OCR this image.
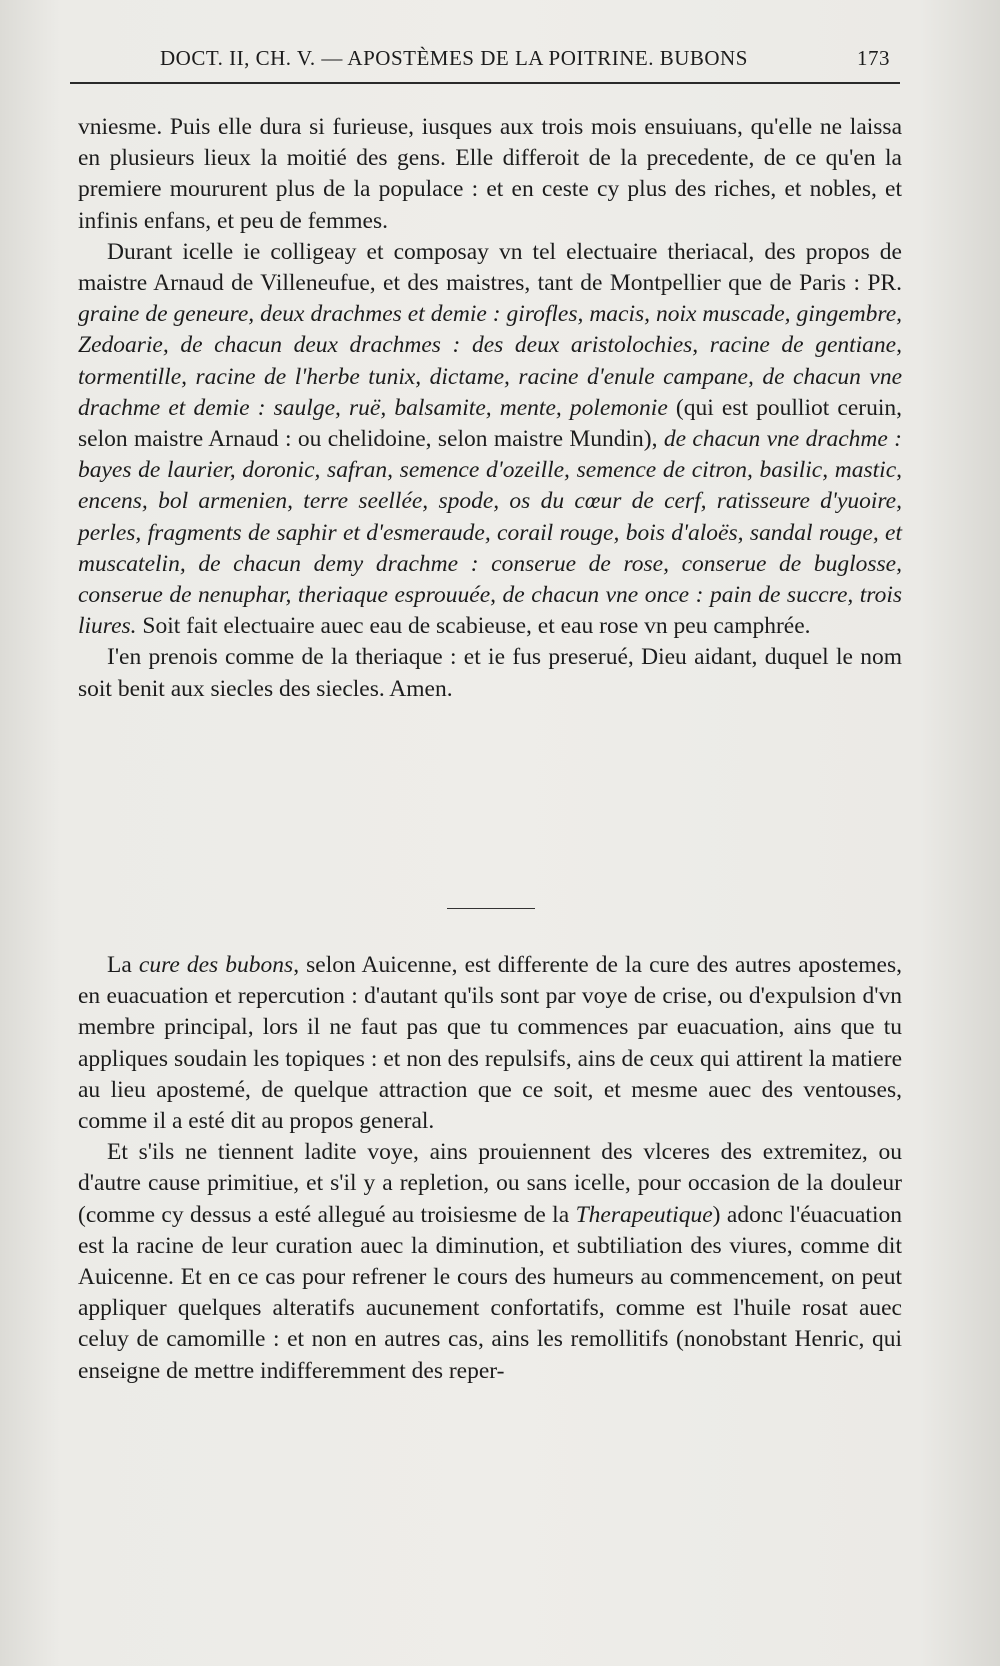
DOCT. II, CH. V. — APOSTÈMES DE LA POITRINE. BUBONS	173

vniesme. Puis elle dura si furieuse, iusques aux trois mois ensuiuans, qu'elle ne laissa en plusieurs lieux la moitié des gens. Elle differoit de la precedente, de ce qu'en la premiere moururent plus de la populace : et en ceste cy plus des riches, et nobles, et infinis enfans, et peu de femmes.

Durant icelle ie colligeay et composay vn tel electuaire theriacal, des propos de maistre Arnaud de Villeneufue, et des maistres, tant de Montpellier que de Paris : PR. graine de geneure, deux drachmes et demie : girofles, macis, noix muscade, gingembre, Zedoarie, de chacun deux drachmes : des deux aristolochies, racine de gentiane, tormentille, racine de l'herbe tunix, dictame, racine d'enule campane, de chacun vne drachme et demie : saulge, ruë, balsamite, mente, polemonie (qui est poulliot ceruin, selon maistre Arnaud : ou chelidoine, selon maistre Mundin), de chacun vne drachme : bayes de laurier, doronic, safran, semence d'ozeille, semence de citron, basilic, mastic, encens, bol armenien, terre seellée, spode, os du cœur de cerf, ratisseure d'yuoire, perles, fragments de saphir et d'esmeraude, corail rouge, bois d'aloës, sandal rouge, et muscatelin, de chacun demy drachme : conserue de rose, conserue de buglosse, conserue de nenuphar, theriaque esprouuée, de chacun vne once : pain de succre, trois liures. Soit fait electuaire auec eau de scabieuse, et eau rose vn peu camphrée.

I'en prenois comme de la theriaque : et ie fus preserué, Dieu aidant, duquel le nom soit benit aux siecles des siecles. Amen.

La cure des bubons, selon Auicenne, est differente de la cure des autres apostemes, en euacuation et repercution : d'autant qu'ils sont par voye de crise, ou d'expulsion d'vn membre principal, lors il ne faut pas que tu commences par euacuation, ains que tu appliques soudain les topiques : et non des repulsifs, ains de ceux qui attirent la matiere au lieu apostemé, de quelque attraction que ce soit, et mesme auec des ventouses, comme il a esté dit au propos general.

Et s'ils ne tiennent ladite voye, ains prouiennent des vlceres des extremitez, ou d'autre cause primitiue, et s'il y a repletion, ou sans icelle, pour occasion de la douleur (comme cy dessus a esté allegué au troisiesme de la Therapeutique) adonc l'éuacuation est la racine de leur curation auec la diminution, et subtiliation des viures, comme dit Auicenne. Et en ce cas pour refrener le cours des humeurs au commencement, on peut appliquer quelques alteratifs aucunement confortatifs, comme est l'huile rosat auec celuy de camomille : et non en autres cas, ains les remollitifs (nonobstant Henric, qui enseigne de mettre indifferemment des reper-
